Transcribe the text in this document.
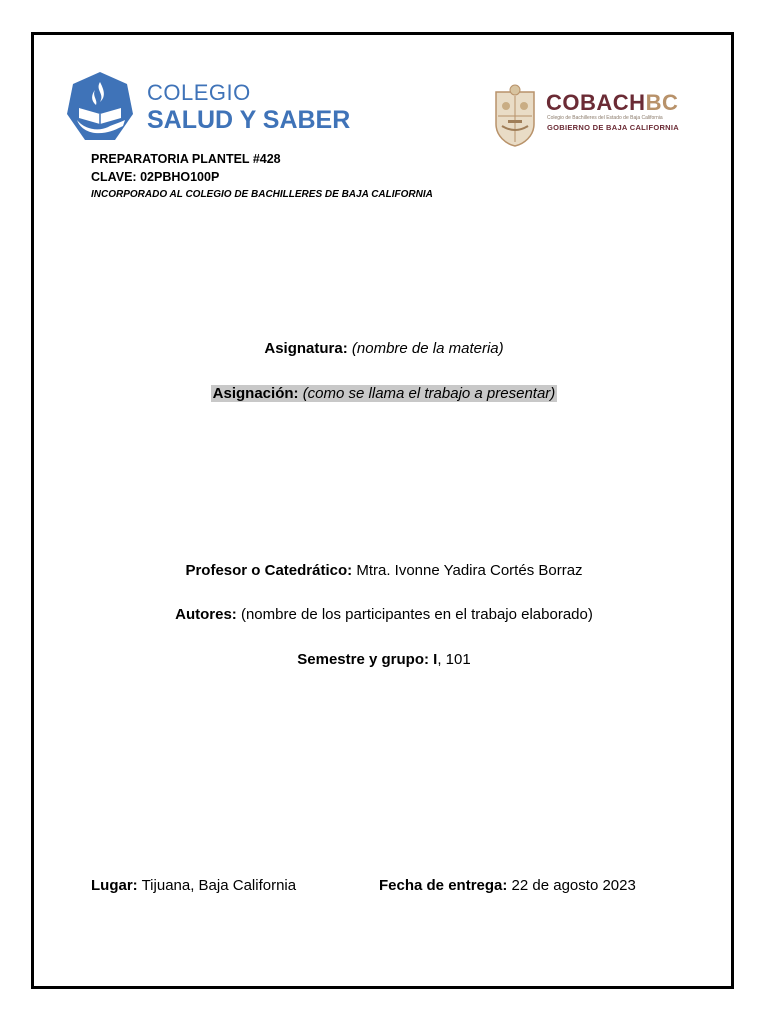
COLEGIO
SALUD Y SABER
COBACHBC
Colegio de Bachilleres del Estado de Baja California
GOBIERNO DE BAJA CALIFORNIA
PREPARATORIA PLANTEL #428
CLAVE: 02PBHO100P
INCORPORADO AL COLEGIO DE BACHILLERES DE BAJA CALIFORNIA
Asignatura: (nombre de la materia)
Asignación: (como se llama el trabajo a presentar)
Profesor o Catedrático: Mtra. Ivonne Yadira Cortés Borraz
Autores: (nombre de los participantes en el trabajo elaborado)
Semestre y grupo: I, 101
Lugar: Tijuana, Baja California	Fecha de entrega: 22 de agosto 2023
